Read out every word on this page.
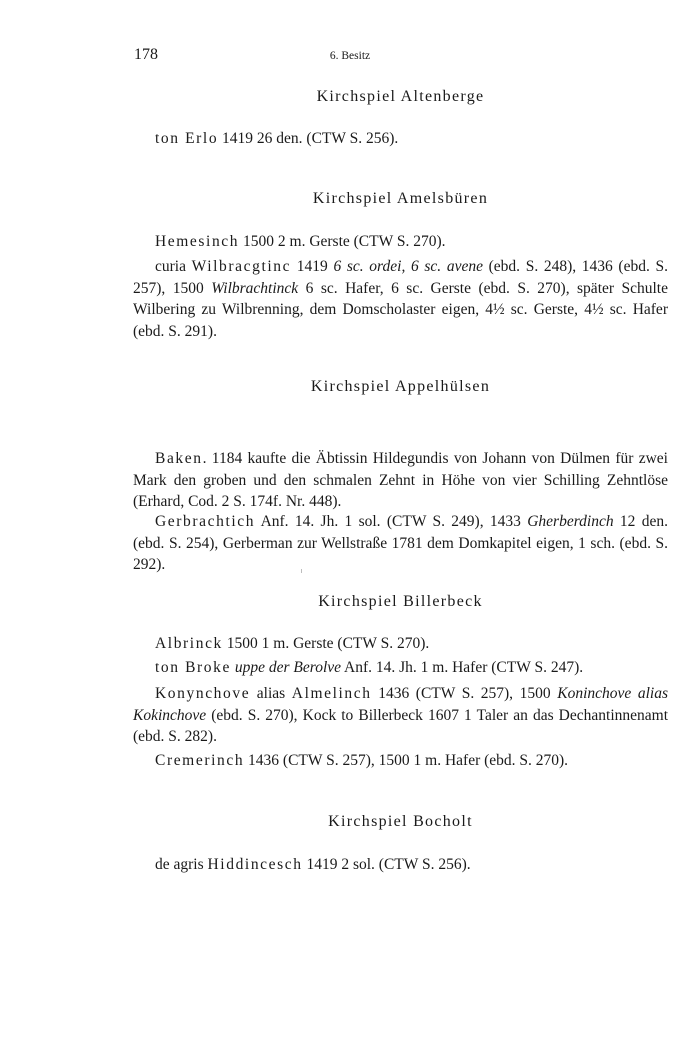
178	6. Besitz
Kirchspiel Altenberge

ton Erlo 1419 26 den. (CTW S. 256).

Kirchspiel Amelsbüren

Hemesinch 1500 2 m. Gerste (CTW S. 270).

curia Wilbracgtinc 1419 6 sc. ordei, 6 sc. avene (ebd. S. 248), 1436 (ebd. S. 257), 1500 Wilbrachtinck 6 sc. Hafer, 6 sc. Gerste (ebd. S. 270), später Schulte Wilbering zu Wilbrenning, dem Domscholaster eigen, 4½ sc. Gerste, 4½ sc. Hafer (ebd. S. 291).

Kirchspiel Appelhülsen

Baken. 1184 kaufte die Äbtissin Hildegundis von Johann von Dülmen für zwei Mark den groben und den schmalen Zehnt in Höhe von vier Schilling Zehntlöse (Erhard, Cod. 2 S. 174f. Nr. 448).

Gerbrachtich Anf. 14. Jh. 1 sol. (CTW S. 249), 1433 Gherberdinch 12 den. (ebd. S. 254), Gerberman zur Wellstraße 1781 dem Domkapitel eigen, 1 sch. (ebd. S. 292).

Kirchspiel Billerbeck

Albrinck 1500 1 m. Gerste (CTW S. 270).

ton Broke uppe der Berolve Anf. 14. Jh. 1 m. Hafer (CTW S. 247).

Konynchove alias Almelinch 1436 (CTW S. 257), 1500 Koninchove alias Kokinchove (ebd. S. 270), Kock to Billerbeck 1607 1 Taler an das Dechantinnenamt (ebd. S. 282).

Cremerinch 1436 (CTW S. 257), 1500 1 m. Hafer (ebd. S. 270).

Kirchspiel Bocholt

de agris Hiddincesch 1419 2 sol. (CTW S. 256).
